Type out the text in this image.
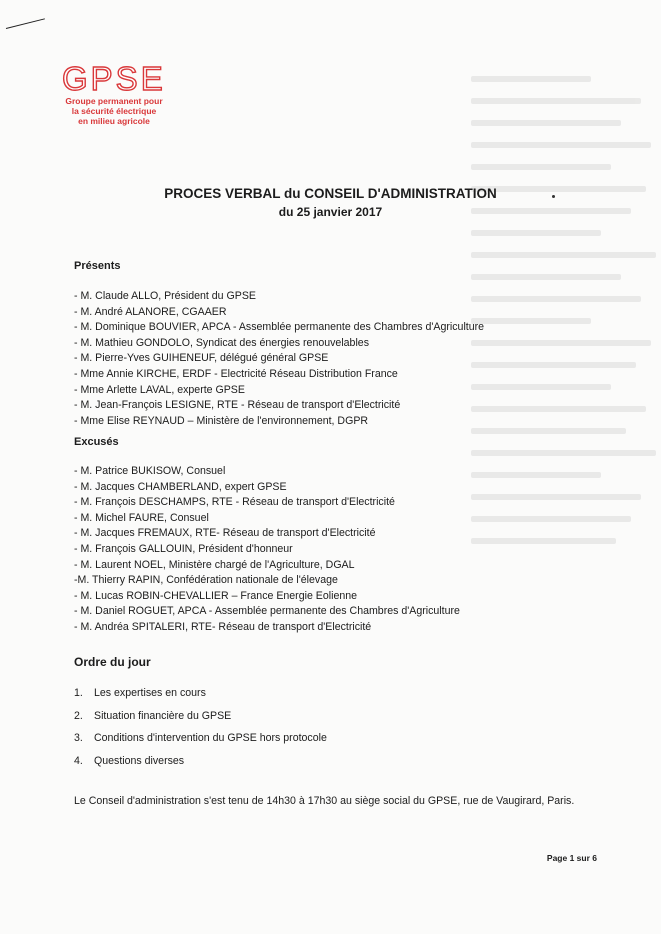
GPSE
Groupe permanent pour
la sécurité électrique
en milieu agricole
PROCES VERBAL du CONSEIL D'ADMINISTRATION
du 25 janvier 2017
Présents
- M. Claude ALLO, Président du GPSE
- M. André ALANORE, CGAAER
- M. Dominique BOUVIER, APCA - Assemblée permanente des Chambres d'Agriculture
- M. Mathieu GONDOLO, Syndicat des énergies renouvelables
- M. Pierre-Yves GUIHENEUF, délégué général GPSE
- Mme Annie KIRCHE, ERDF - Electricité Réseau Distribution France
- Mme Arlette LAVAL, experte GPSE
- M. Jean-François LESIGNE, RTE - Réseau de transport d'Electricité
- Mme Elise REYNAUD – Ministère de l'environnement, DGPR
Excusés
- M. Patrice BUKISOW, Consuel
- M. Jacques CHAMBERLAND, expert GPSE
- M. François DESCHAMPS, RTE - Réseau de transport d'Electricité
- M. Michel FAURE, Consuel
- M. Jacques FREMAUX, RTE- Réseau de transport d'Electricité
- M. François GALLOUIN, Président d'honneur
- M. Laurent NOEL, Ministère chargé de l'Agriculture, DGAL
-M. Thierry RAPIN, Confédération nationale de l'élevage
- M. Lucas ROBIN-CHEVALLIER – France Energie Eolienne
- M. Daniel ROGUET, APCA - Assemblée permanente des Chambres d'Agriculture
- M. Andréa SPITALERI, RTE- Réseau de transport d'Electricité
Ordre du jour
1.	Les expertises en cours
2.	Situation financière du GPSE
3.	Conditions d'intervention du GPSE hors protocole
4.	Questions diverses
Le Conseil d'administration s'est tenu de 14h30 à 17h30 au siège social du GPSE, rue de Vaugirard, Paris.
Page 1 sur 6
